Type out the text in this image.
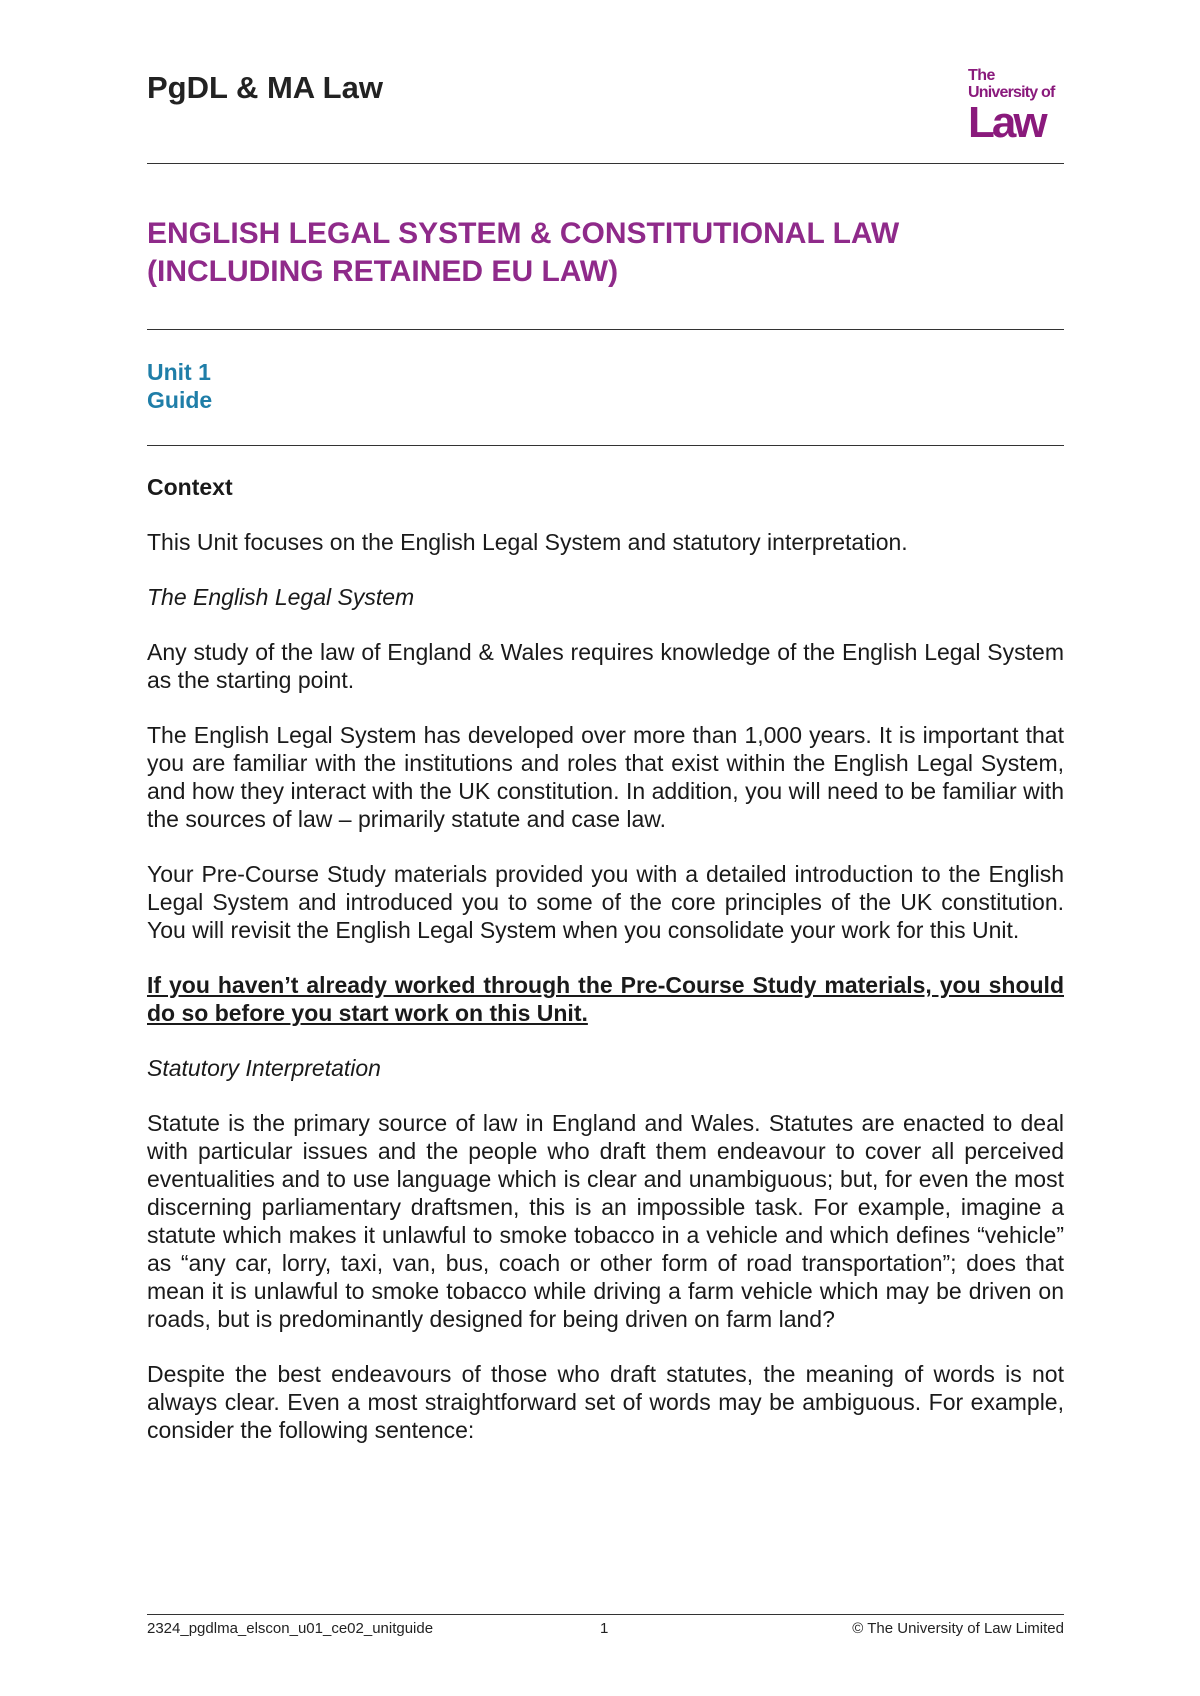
PgDL & MA Law	The
University of
Law
ENGLISH LEGAL SYSTEM & CONSTITUTIONAL LAW
(INCLUDING RETAINED EU LAW)
Unit 1
Guide

Context

This Unit focuses on the English Legal System and statutory interpretation.

The English Legal System

Any study of the law of England & Wales requires knowledge of the English Legal System as the starting point.

The English Legal System has developed over more than 1,000 years. It is important that you are familiar with the institutions and roles that exist within the English Legal System, and how they interact with the UK constitution. In addition, you will need to be familiar with the sources of law – primarily statute and case law.

Your Pre-Course Study materials provided you with a detailed introduction to the English Legal System and introduced you to some of the core principles of the UK constitution. You will revisit the English Legal System when you consolidate your work for this Unit.

If you haven’t already worked through the Pre-Course Study materials, you should do so before you start work on this Unit.

Statutory Interpretation

Statute is the primary source of law in England and Wales. Statutes are enacted to deal with particular issues and the people who draft them endeavour to cover all perceived eventualities and to use language which is clear and unambiguous; but, for even the most discerning parliamentary draftsmen, this is an impossible task. For example, imagine a statute which makes it unlawful to smoke tobacco in a vehicle and which defines “vehicle” as “any car, lorry, taxi, van, bus, coach or other form of road transportation”; does that mean it is unlawful to smoke tobacco while driving a farm vehicle which may be driven on roads, but is predominantly designed for being driven on farm land?

Despite the best endeavours of those who draft statutes, the meaning of words is not always clear. Even a most straightforward set of words may be ambiguous. For example, consider the following sentence:

2324_pgdlma_elscon_u01_ce02_unitguide	1	© The University of Law Limited
